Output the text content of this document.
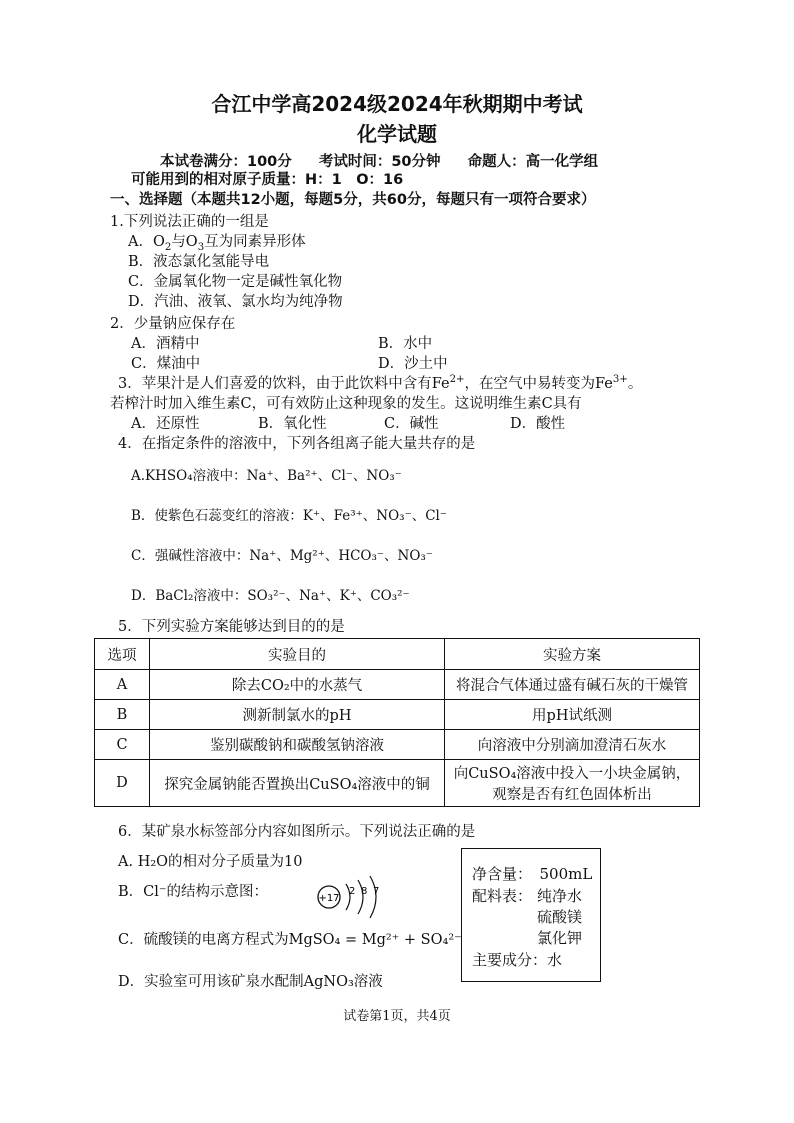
合江中学高2024级2024年秋期期中考试
化学试题
本试卷满分：100分 考试时间：50分钟 命题人：高一化学组
可能用到的相对原子质量：H：1　O：16
一、选择题（本题共12小题，每题5分，共60分，每题只有一项符合要求）
1.下列说法正确的一组是
A．$O_2$与$O_3$互为同素异形体
B．液态氯化氢能导电
C．金属氧化物一定是碱性氧化物
D．汽油、液氧、氯水均为纯净物
2．少量钠应保存在
A．酒精中	B．水中
C．煤油中	D．沙土中
3．苹果汁是人们喜爱的饮料，由于此饮料中含有$Fe^{2+}$，在空气中易转变为$Fe^{3+}$。
若榨汁时加入维生素C，可有效防止这种现象的发生。这说明维生素C具有
A．还原性	B．氧化性	C．碱性	D．酸性
4．在指定条件的溶液中，下列各组离子能大量共存的是
A.KHSO₄溶液中：Na⁺、Ba²⁺、Cl⁻、NO₃⁻
B．使紫色石蕊变红的溶液：K⁺、Fe³⁺、NO₃⁻、Cl⁻
C．强碱性溶液中：Na⁺、Mg²⁺、HCO₃⁻、NO₃⁻
D．BaCl₂溶液中：SO₃²⁻、Na⁺、K⁺、CO₃²⁻
5．下列实验方案能够达到目的的是
选项	实验目的	实验方案
A	除去CO₂中的水蒸气	将混合气体通过盛有碱石灰的干燥管
B	测新制氯水的pH	用pH试纸测
C	鉴别碳酸钠和碳酸氢钠溶液	向溶液中分别滴加澄清石灰水
D	探究金属钠能否置换出CuSO₄溶液中的铜	向CuSO₄溶液中投入一小块金属钠，
观察是否有红色固体析出
6．某矿泉水标签部分内容如图所示。下列说法正确的是
A. H₂O的相对分子质量为10
B．Cl⁻的结构示意图：	+17
2 8 7
C．硫酸镁的电离方程式为MgSO₄ = Mg²⁺ + SO₄²⁻
D．实验室可用该矿泉水配制AgNO₃溶液
净含量：　500mL
配料表： 纯净水
硫酸镁
氯化钾
主要成分：水
试卷第1页，共4页
